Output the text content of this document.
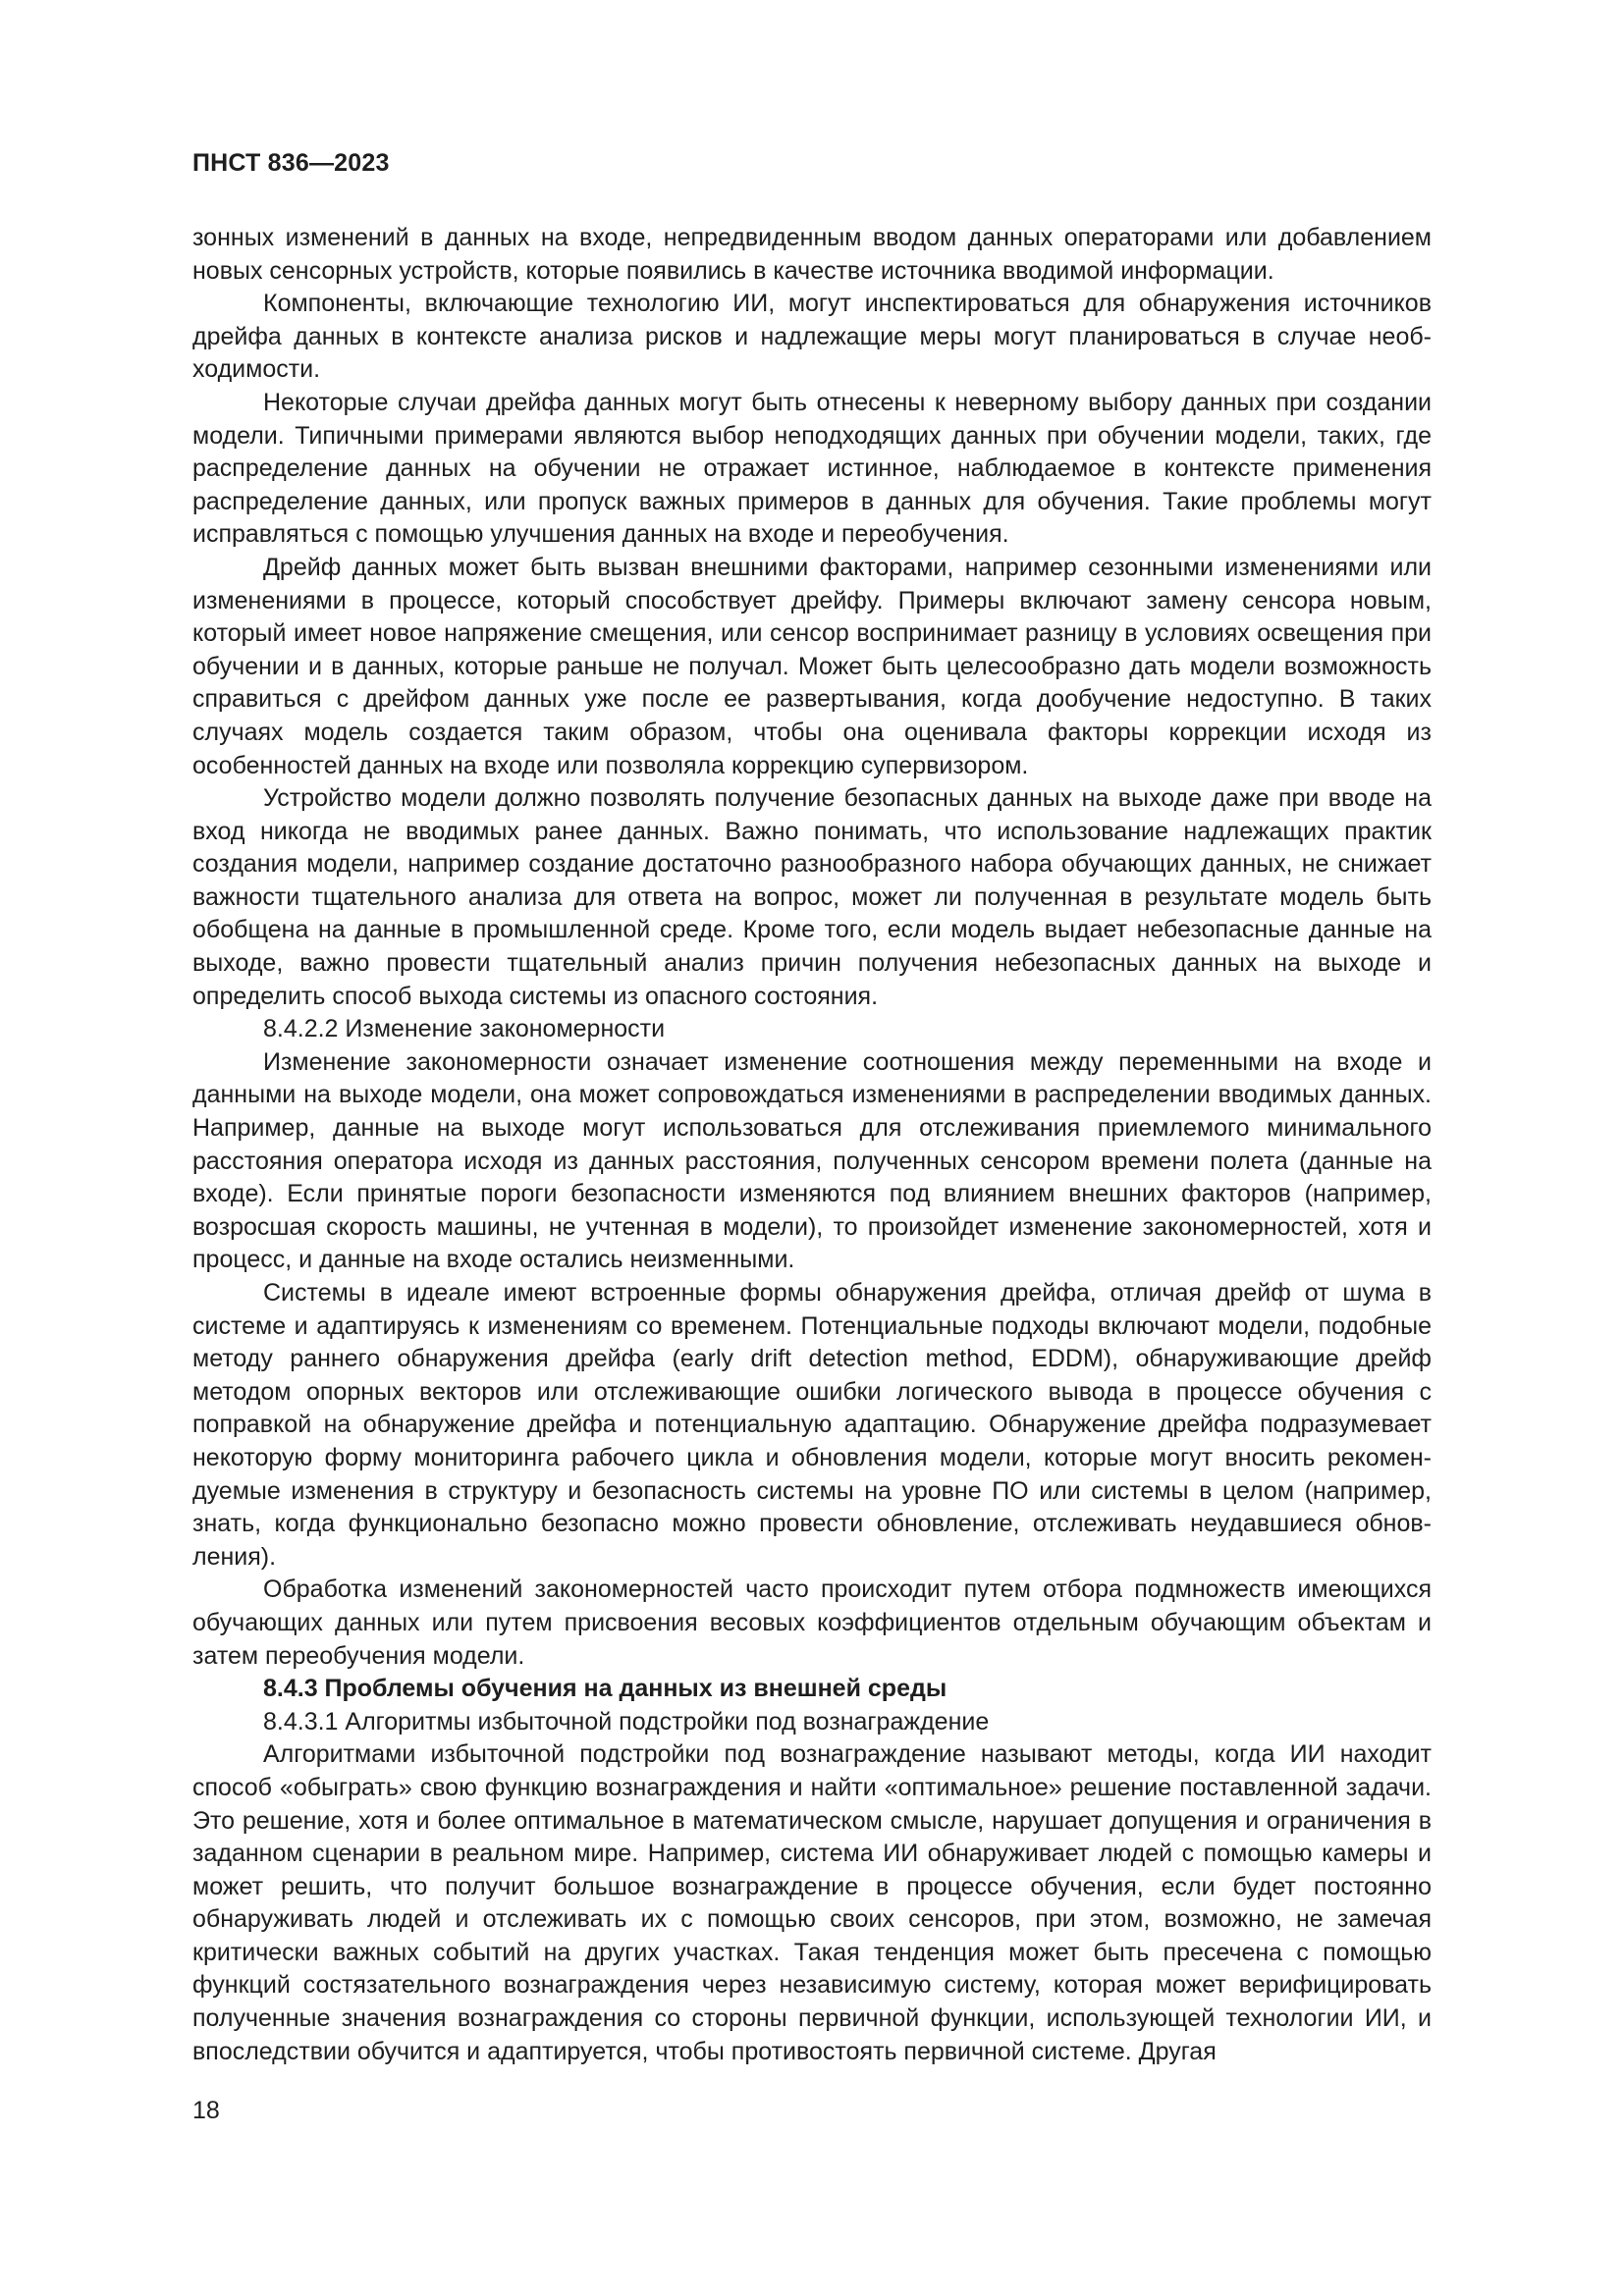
ПНСТ 836—2023

зонных изменений в данных на входе, непредвиденным вводом данных операторами или добавлением новых сенсорных устройств, которые появились в качестве источника вводимой информации.

Компоненты, включающие технологию ИИ, могут инспектироваться для обнаружения источников дрейфа данных в контексте анализа рисков и надлежащие меры могут планироваться в случае необходимости.

Некоторые случаи дрейфа данных могут быть отнесены к неверному выбору данных при создании модели. Типичными примерами являются выбор неподходящих данных при обучении модели, таких, где распределение данных на обучении не отражает истинное, наблюдаемое в контексте применения распределение данных, или пропуск важных примеров в данных для обучения. Такие проблемы могут исправляться с помощью улучшения данных на входе и переобучения.

Дрейф данных может быть вызван внешними факторами, например сезонными изменениями или изменениями в процессе, который способствует дрейфу. Примеры включают замену сенсора новым, который имеет новое напряжение смещения, или сенсор воспринимает разницу в условиях освещения при обучении и в данных, которые раньше не получал. Может быть целесообразно дать модели возможность справиться с дрейфом данных уже после ее развертывания, когда дообучение недоступно. В таких случаях модель создается таким образом, чтобы она оценивала факторы коррекции исходя из особенностей данных на входе или позволяла коррекцию супервизором.

Устройство модели должно позволять получение безопасных данных на выходе даже при вводе на вход никогда не вводимых ранее данных. Важно понимать, что использование надлежащих практик создания модели, например создание достаточно разнообразного набора обучающих данных, не снижает важности тщательного анализа для ответа на вопрос, может ли полученная в результате модель быть обобщена на данные в промышленной среде. Кроме того, если модель выдает небезопасные данные на выходе, важно провести тщательный анализ причин получения небезопасных данных на выходе и определить способ выхода системы из опасного состояния.

8.4.2.2 Изменение закономерности

Изменение закономерности означает изменение соотношения между переменными на входе и данными на выходе модели, она может сопровождаться изменениями в распределении вводимых данных. Например, данные на выходе могут использоваться для отслеживания приемлемого минимального расстояния оператора исходя из данных расстояния, полученных сенсором времени полета (данные на входе). Если принятые пороги безопасности изменяются под влиянием внешних факторов (например, возросшая скорость машины, не учтенная в модели), то произойдет изменение закономерностей, хотя и процесс, и данные на входе остались неизменными.

Системы в идеале имеют встроенные формы обнаружения дрейфа, отличая дрейф от шума в системе и адаптируясь к изменениям со временем. Потенциальные подходы включают модели, подобные методу раннего обнаружения дрейфа (early drift detection method, EDDM), обнаруживающие дрейф методом опорных векторов или отслеживающие ошибки логического вывода в процессе обучения с поправкой на обнаружение дрейфа и потенциальную адаптацию. Обнаружение дрейфа подразумевает некоторую форму мониторинга рабочего цикла и обновления модели, которые могут вносить рекомендуемые изменения в структуру и безопасность системы на уровне ПО или системы в целом (например, знать, когда функционально безопасно можно провести обновление, отслеживать неудавшиеся обновления).

Обработка изменений закономерностей часто происходит путем отбора подмножеств имеющихся обучающих данных или путем присвоения весовых коэффициентов отдельным обучающим объектам и затем переобучения модели.

8.4.3 Проблемы обучения на данных из внешней среды

8.4.3.1 Алгоритмы избыточной подстройки под вознаграждение

Алгоритмами избыточной подстройки под вознаграждение называют методы, когда ИИ находит способ «обыграть» свою функцию вознаграждения и найти «оптимальное» решение поставленной задачи. Это решение, хотя и более оптимальное в математическом смысле, нарушает допущения и ограничения в заданном сценарии в реальном мире. Например, система ИИ обнаруживает людей с помощью камеры и может решить, что получит большое вознаграждение в процессе обучения, если будет постоянно обнаруживать людей и отслеживать их с помощью своих сенсоров, при этом, возможно, не замечая критически важных событий на других участках. Такая тенденция может быть пресечена с помощью функций состязательного вознаграждения через независимую систему, которая может верифицировать полученные значения вознаграждения со стороны первичной функции, использующей технологии ИИ, и впоследствии обучится и адаптируется, чтобы противостоять первичной системе. Другая

18
